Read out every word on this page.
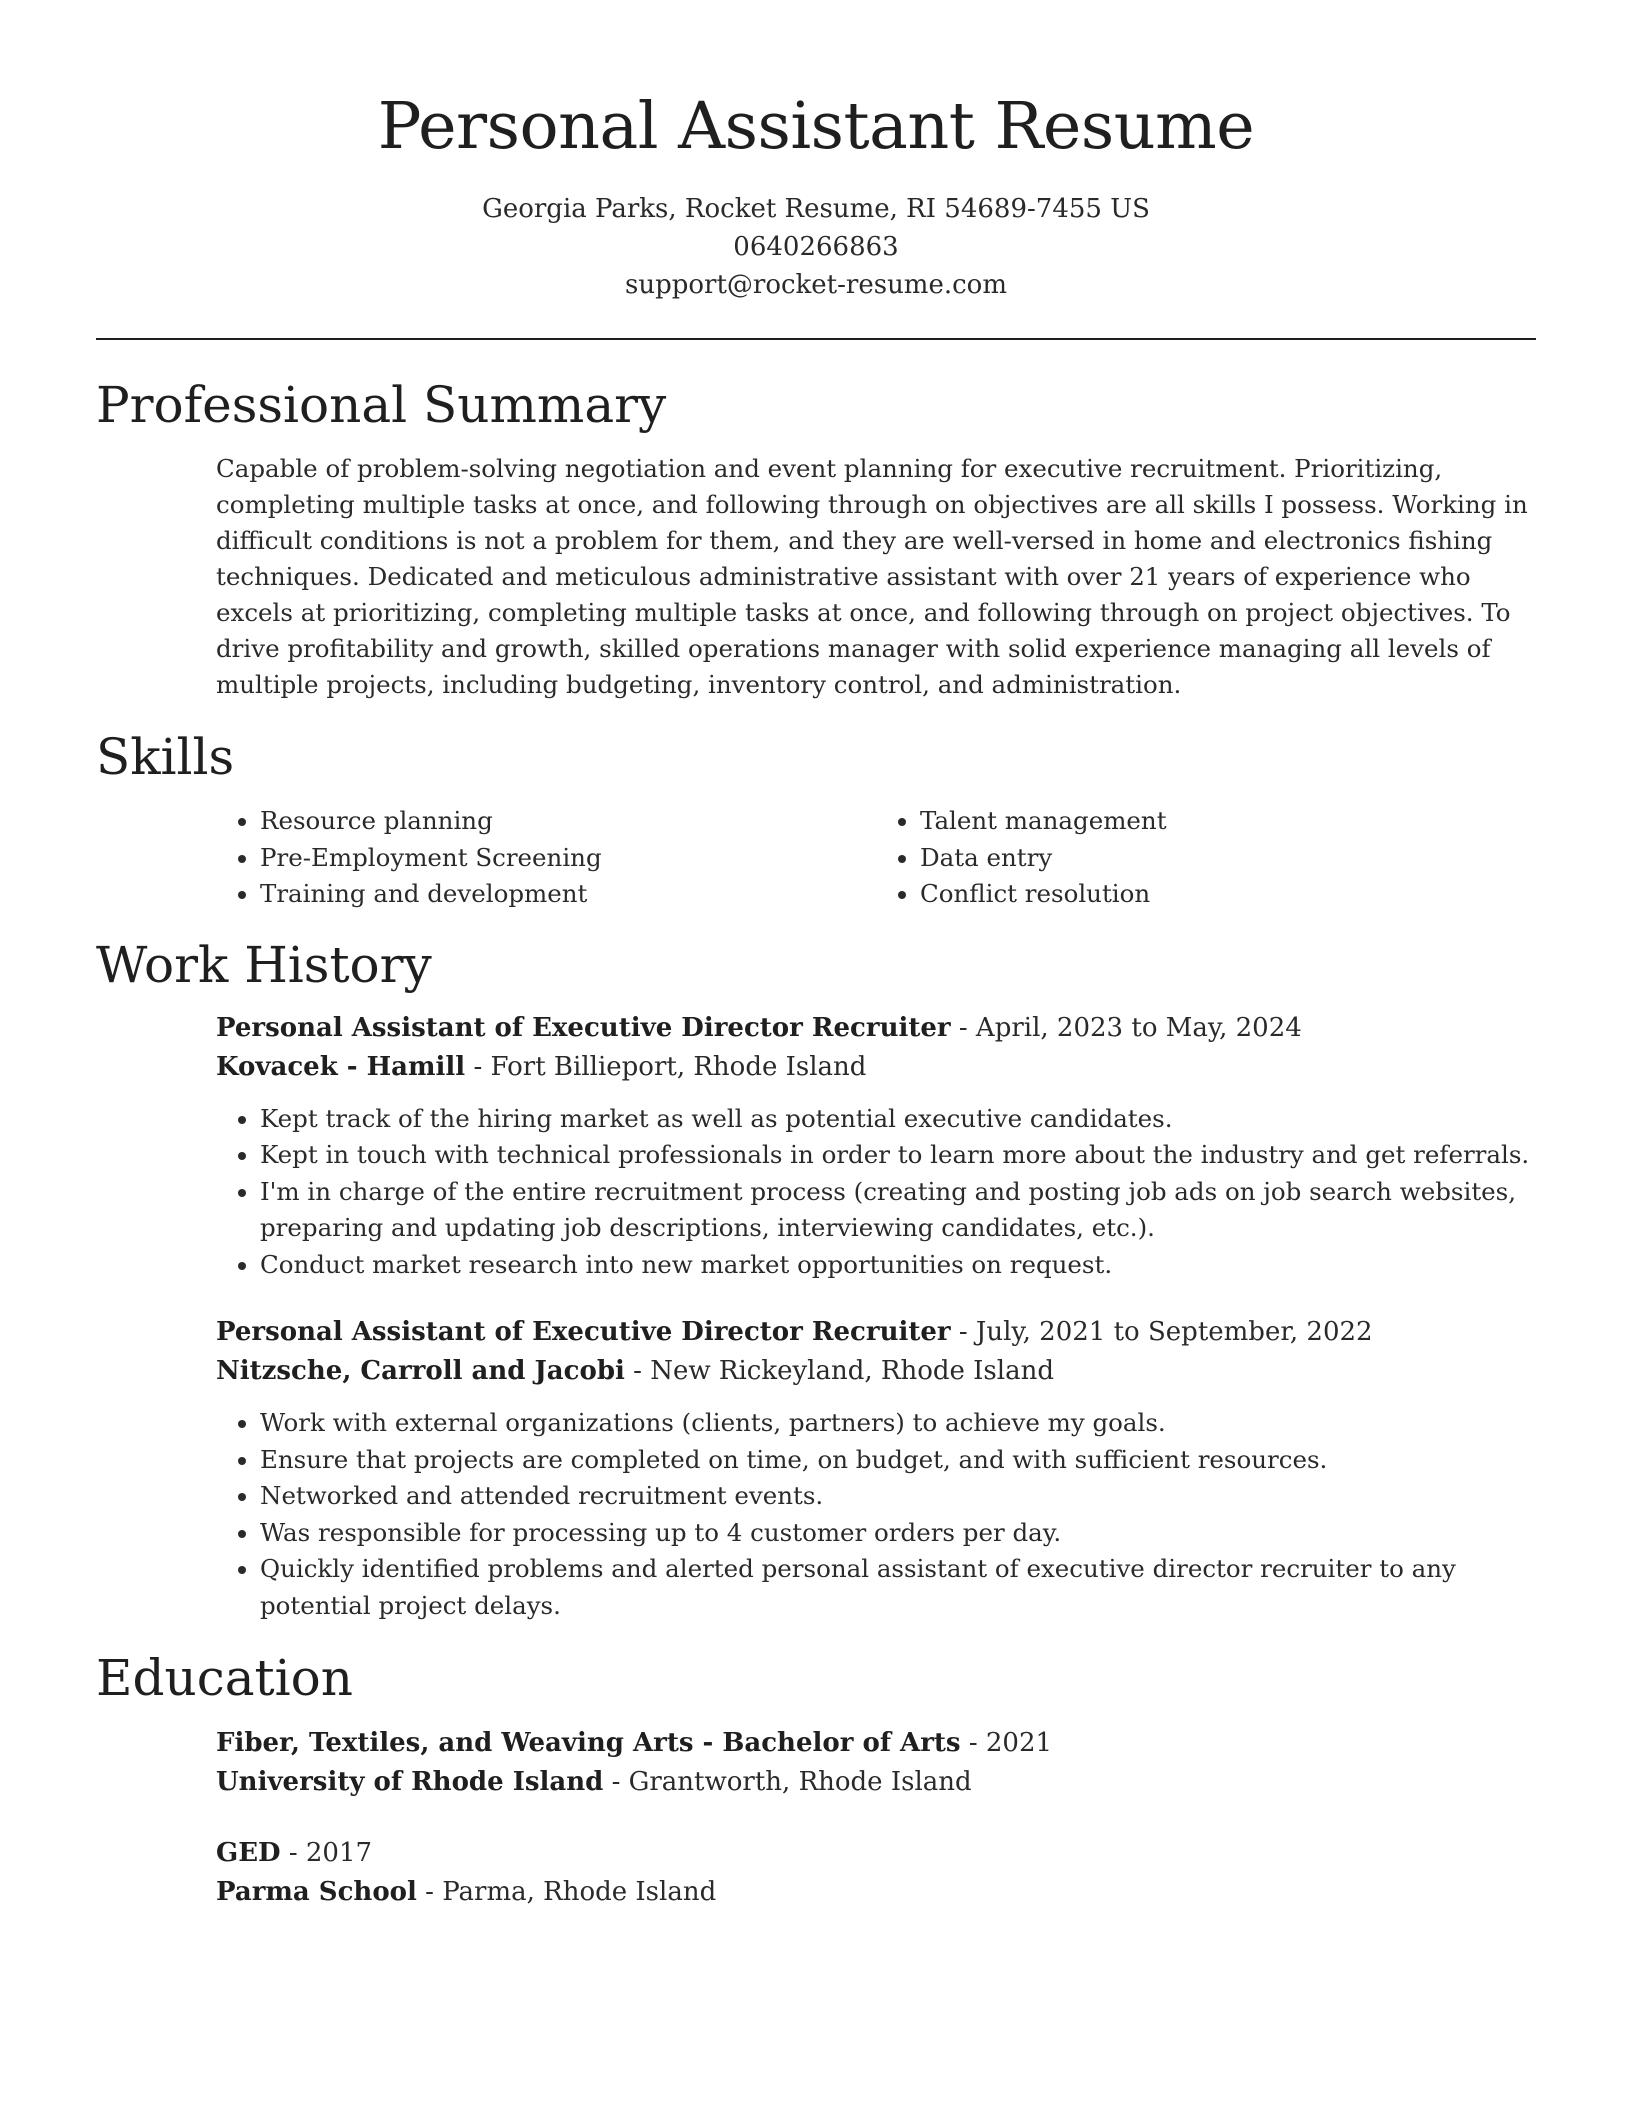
Personal Assistant Resume
Georgia Parks, Rocket Resume, RI 54689-7455 US
0640266863
support@rocket-resume.com
Professional Summary

Capable of problem-solving negotiation and event planning for executive recruitment. Prioritizing, completing multiple tasks at once, and following through on objectives are all skills I possess. Working in difficult conditions is not a problem for them, and they are well-versed in home and electronics fishing techniques. Dedicated and meticulous administrative assistant with over 21 years of experience who excels at prioritizing, completing multiple tasks at once, and following through on project objectives. To drive profitability and growth, skilled operations manager with solid experience managing all levels of multiple projects, including budgeting, inventory control, and administration.

Skills
• Resource planning
• Pre-Employment Screening
• Training and development
• Talent management
• Data entry
• Conflict resolution
Work History
Personal Assistant of Executive Director Recruiter - April, 2023 to May, 2024
Kovacek - Hamill - Fort Billieport, Rhode Island
• Kept track of the hiring market as well as potential executive candidates.
• Kept in touch with technical professionals in order to learn more about the industry and get referrals.
• I'm in charge of the entire recruitment process (creating and posting job ads on job search websites, preparing and updating job descriptions, interviewing candidates, etc.).
• Conduct market research into new market opportunities on request.
Personal Assistant of Executive Director Recruiter - July, 2021 to September, 2022
Nitzsche, Carroll and Jacobi - New Rickeyland, Rhode Island
• Work with external organizations (clients, partners) to achieve my goals.
• Ensure that projects are completed on time, on budget, and with sufficient resources.
• Networked and attended recruitment events.
• Was responsible for processing up to 4 customer orders per day.
• Quickly identified problems and alerted personal assistant of executive director recruiter to any potential project delays.
Education
Fiber, Textiles, and Weaving Arts - Bachelor of Arts - 2021
University of Rhode Island - Grantworth, Rhode Island
GED - 2017
Parma School - Parma, Rhode Island
